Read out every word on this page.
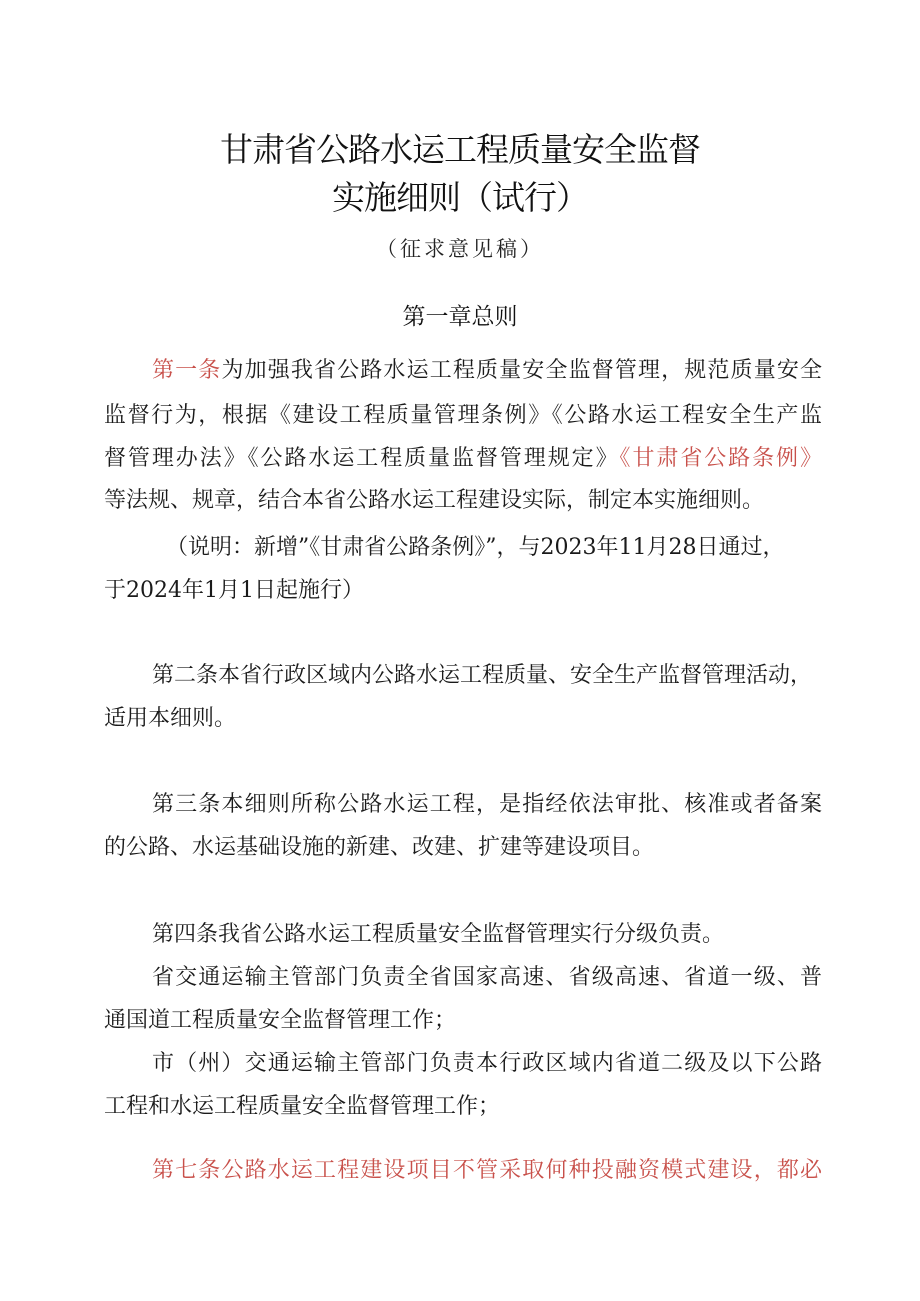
甘肃省公路水运工程质量安全监督
实施细则（试行）
（征求意见稿）
第一章总则
第一条为加强我省公路水运工程质量安全监督管理，规范质量安全
监督行为，根据《建设工程质量管理条例》《公路水运工程安全生产监
督管理办法》《公路水运工程质量监督管理规定》《甘肃省公路条例》
等法规、规章，结合本省公路水运工程建设实际，制定本实施细则。
（说明：新增”《甘肃省公路条例》”，与2023年11月28日通过，
于2024年1月1日起施行）
第二条本省行政区域内公路水运工程质量、安全生产监督管理活动，
适用本细则。
第三条本细则所称公路水运工程，是指经依法审批、核准或者备案
的公路、水运基础设施的新建、改建、扩建等建设项目。
第四条我省公路水运工程质量安全监督管理实行分级负责。
省交通运输主管部门负责全省国家高速、省级高速、省道一级、普
通国道工程质量安全监督管理工作；
市（州）交通运输主管部门负责本行政区域内省道二级及以下公路
工程和水运工程质量安全监督管理工作；
第七条公路水运工程建设项目不管采取何种投融资模式建设，都必
